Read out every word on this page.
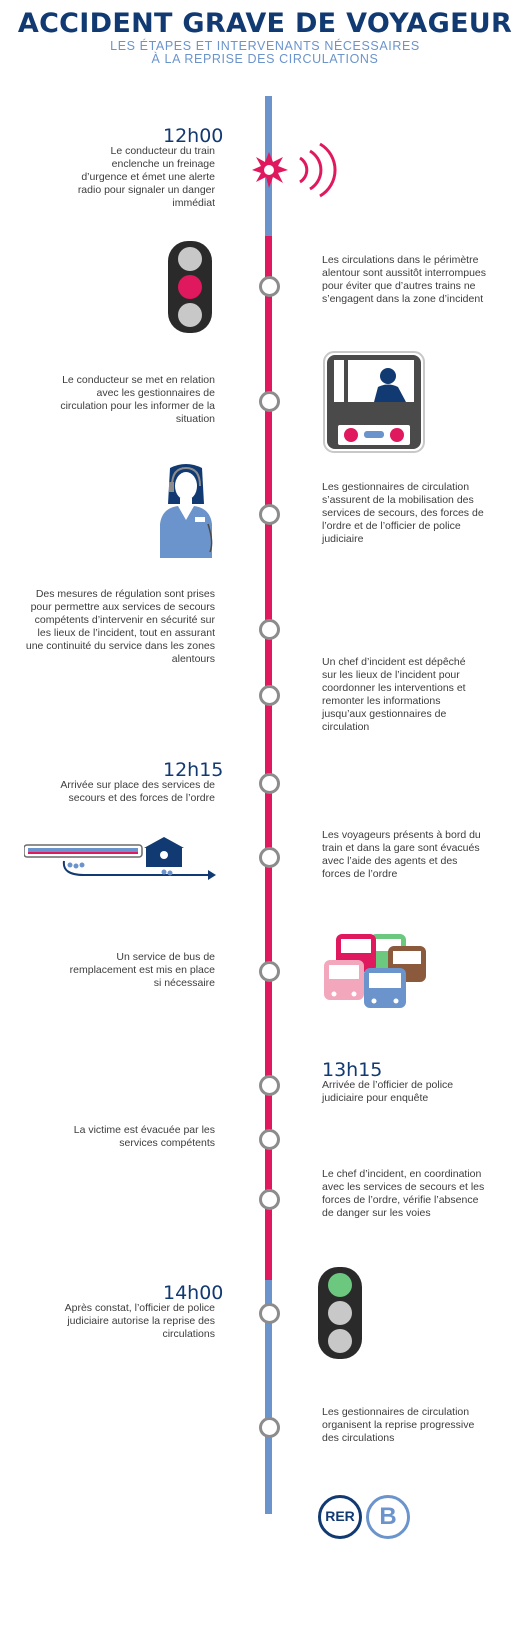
ACCIDENT GRAVE DE VOYAGEUR
LES ÉTAPES ET INTERVENANTS NÉCESSAIRES
À LA REPRISE DES CIRCULATIONS
12h00
Le conducteur du train enclenche un freinage d’urgence et émet une alerte radio pour signaler un danger immédiat
Les circulations dans le périmètre alentour sont aussitôt interrompues pour éviter que d’autres trains ne s’engagent dans la zone d’incident
Le conducteur se met en relation avec les gestionnaires de circulation pour les informer de la situation
Les gestionnaires de circulation s’assurent de la mobilisation des services de secours, des forces de l’ordre et de l’officier de police judiciaire
Des mesures de régulation sont prises pour permettre aux services de secours compétents d’intervenir en sécurité sur les lieux de l’incident, tout en assurant une continuité du service dans les zones alentours	Un chef d’incident est dépêché sur les lieux de l’incident pour coordonner les interventions et remonter les informations jusqu’aux gestionnaires de circulation
12h15
Arrivée sur place des services de secours et des forces de l’ordre
Les voyageurs présents à bord du train et dans la gare sont évacués avec l’aide des agents et des forces de l’ordre
Un service de bus de remplacement est mis en place si nécessaire
13h15
Arrivée de l’officier de police judiciaire pour enquête
La victime est évacuée par les services compétents
Le chef d’incident, en coordination avec les services de secours et les forces de l’ordre, vérifie l’absence de danger sur les voies
14h00
Après constat, l’officier de police judiciaire autorise la reprise des circulations
Les gestionnaires de circulation organisent la reprise progressive des circulations
RER	B
